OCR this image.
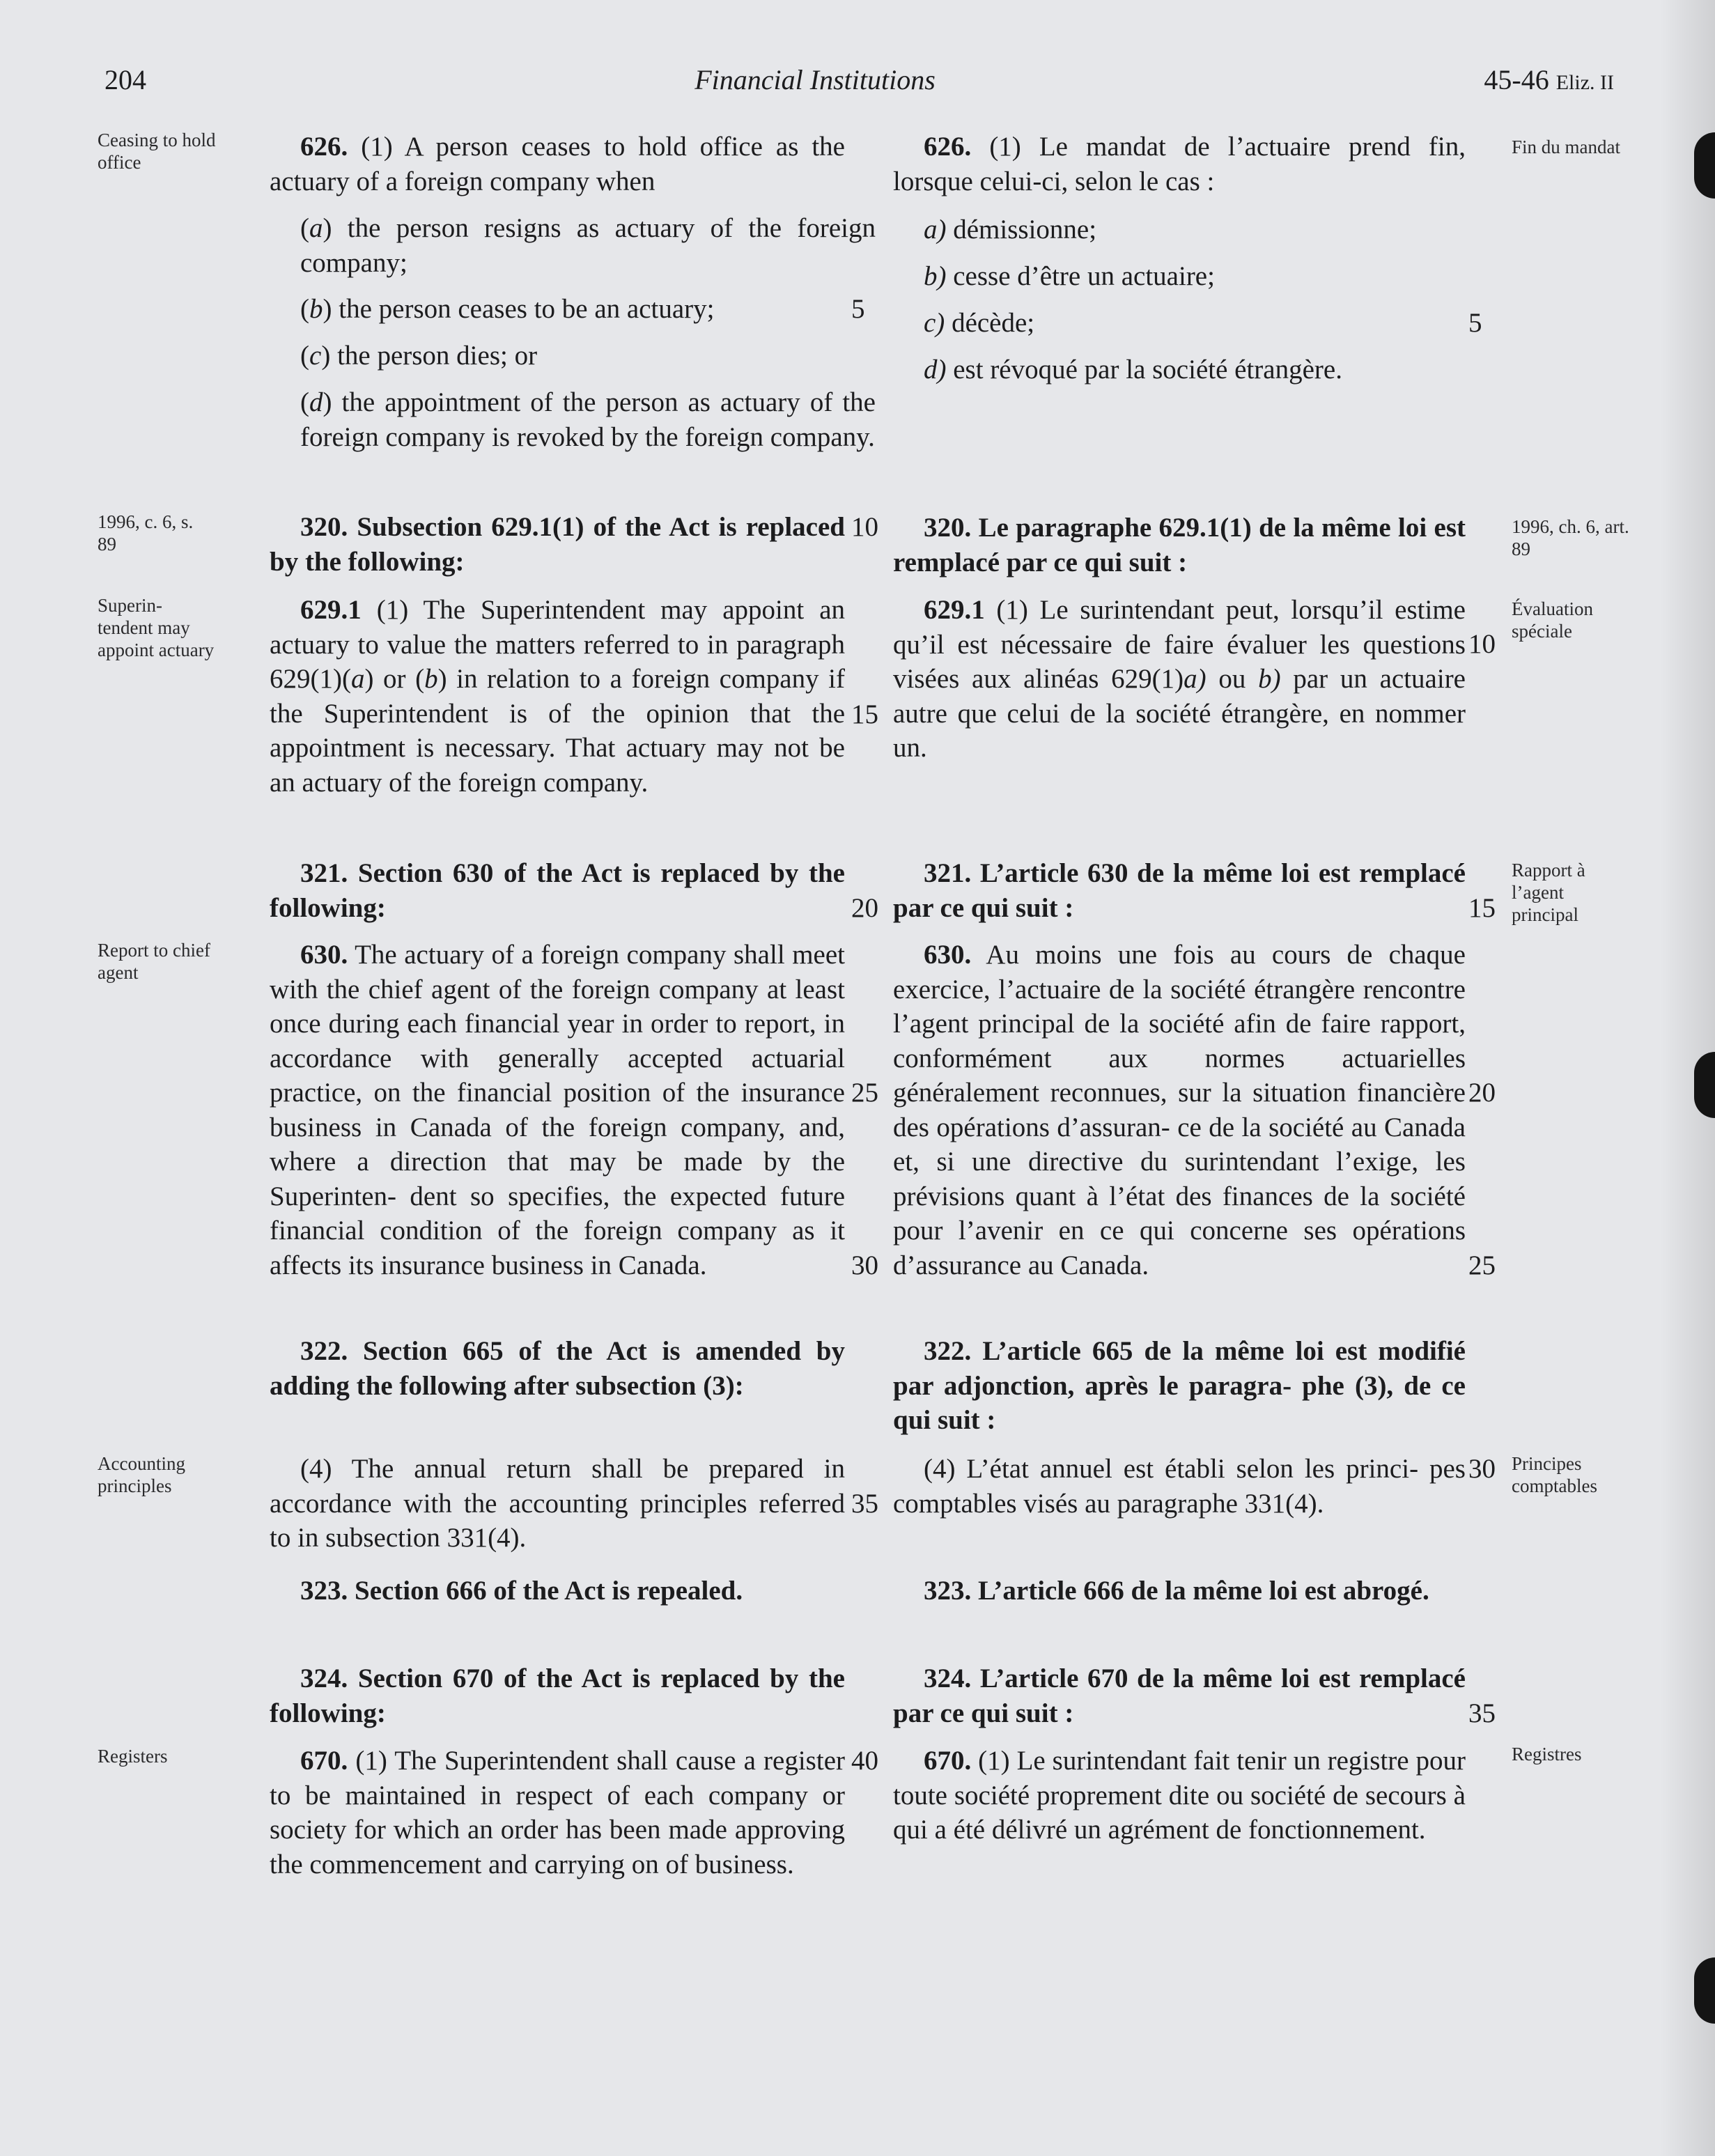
204	Financial Institutions	45-46 Eliz. II
Ceasing to hold office
1996, c. 6, s. 89
Superin- tendent may appoint actuary
Report to chief agent
Accounting principles
Registers
Fin du mandat
1996, ch. 6, art. 89
Évaluation spéciale
Rapport à l’agent principal
Principes comptables
Registres

626. (1) A person ceases to hold office as the actuary of a foreign company when

(a) the person resigns as actuary of the foreign company;

(b) the person ceases to be an actuary;

(c) the person dies; or

(d) the appointment of the person as actuary of the foreign company is revoked by the foreign company.

320. Subsection 629.1(1) of the Act is replaced by the following:

629.1 (1) The Superintendent may appoint an actuary to value the matters referred to in paragraph 629(1)(a) or (b) in relation to a foreign company if the Superintendent is of the opinion that the appointment is necessary. That actuary may not be an actuary of the foreign company.

321. Section 630 of the Act is replaced by the following:

630. The actuary of a foreign company shall meet with the chief agent of the foreign company at least once during each financial year in order to report, in accordance with generally accepted actuarial practice, on the financial position of the insurance business in Canada of the foreign company, and, where a direction that may be made by the Superinten- dent so specifies, the expected future financial condition of the foreign company as it affects its insurance business in Canada.

322. Section 665 of the Act is amended by adding the following after subsection (3):

(4) The annual return shall be prepared in accordance with the accounting principles referred to in subsection 331(4).

323. Section 666 of the Act is repealed.

324. Section 670 of the Act is replaced by the following:

670. (1) The Superintendent shall cause a register to be maintained in respect of each company or society for which an order has been made approving the commencement and carrying on of business.

626. (1) Le mandat de l’actuaire prend fin, lorsque celui-ci, selon le cas :

a) démissionne;

b) cesse d’être un actuaire;

c) décède;

d) est révoqué par la société étrangère.

320. Le paragraphe 629.1(1) de la même loi est remplacé par ce qui suit :

629.1 (1) Le surintendant peut, lorsqu’il estime qu’il est nécessaire de faire évaluer les questions visées aux alinéas 629(1)a) ou b) par un actuaire autre que celui de la société étrangère, en nommer un.

321. L’article 630 de la même loi est remplacé par ce qui suit :

630. Au moins une fois au cours de chaque exercice, l’actuaire de la société étrangère rencontre l’agent principal de la société afin de faire rapport, conformément aux normes actuarielles généralement reconnues, sur la situation financière des opérations d’assuran- ce de la société au Canada et, si une directive du surintendant l’exige, les prévisions quant à l’état des finances de la société pour l’avenir en ce qui concerne ses opérations d’assurance au Canada.

322. L’article 665 de la même loi est modifié par adjonction, après le paragra- phe (3), de ce qui suit :

(4) L’état annuel est établi selon les princi- pes comptables visés au paragraphe 331(4).

323. L’article 666 de la même loi est abrogé.

324. L’article 670 de la même loi est remplacé par ce qui suit :

670. (1) Le surintendant fait tenir un registre pour toute société proprement dite ou société de secours à qui a été délivré un agrément de fonctionnement.

5
10
15
20
25
30
35
40
5
10
15
20
25
30
35
